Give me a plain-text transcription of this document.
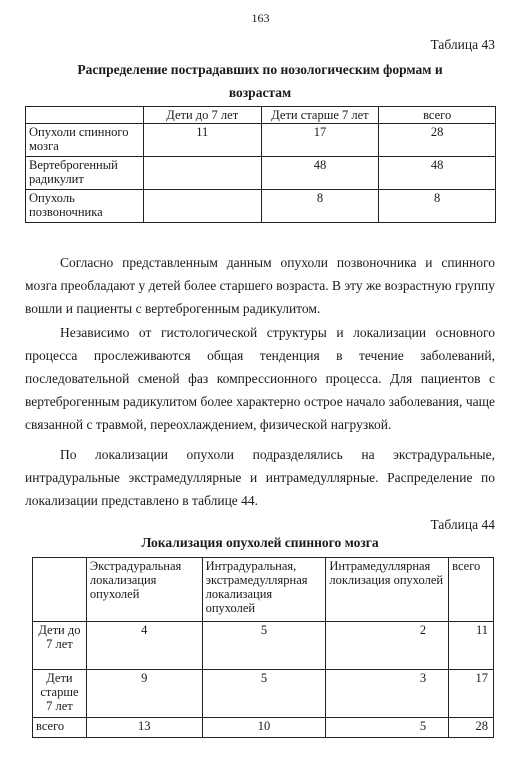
163
Таблица 43
Распределение пострадавших по нозологическим формам и
возрастам
	Дети до 7 лет	Дети старше 7 лет	всего
Опухоли спинного мозга	11	17	28
Вертеброгенный радикулит		48	48
Опухоль позвоночника		8	8

Согласно представленным данным опухоли позвоночника и спинного мозга преобладают у детей более старшего возраста. В эту же возрастную группу вошли и пациенты с вертеброгенным радикулитом.

Независимо от гистологической структуры и локализации основного процесса прослеживаются общая тенденция в течение заболеваний, последовательной сменой фаз компрессионного процесса. Для пациентов с вертеброгенным радикулитом более характерно острое начало заболевания, чаще связанной с травмой, переохлаждением, физической нагрузкой.

По локализации опухоли подразделялись на экстрадуральные, интрадуральные экстрамедуллярные и интрамедуллярные. Распределение по локализации представлено в таблице 44.

Таблица 44
Локализация опухолей спинного мозга
	Экстрадуральная локализация опухолей	Интрадуральная, экстрамедуллярная локализация опухолей	Интрамедуллярная локлизация опухолей	всего
Дети до 7 лет	4	5	2	11
Дети старше 7 лет	9	5	3	17
всего	13	10	5	28
